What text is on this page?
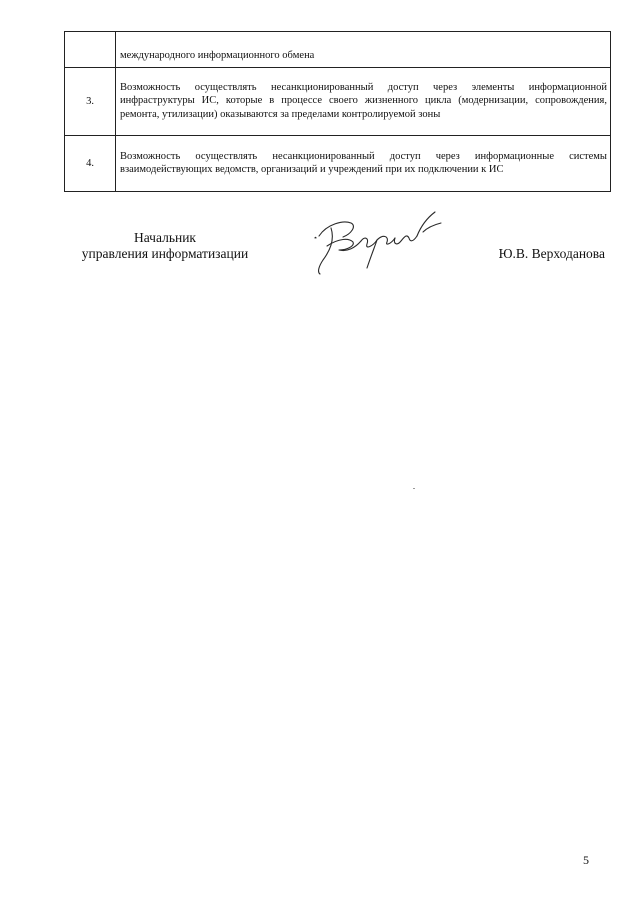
	международного информационного обмена
3.	Возможность осуществлять несанкционированный доступ через элементы информационной инфраструктуры ИС, которые в процессе своего жизненного цикла (модернизации, сопровождения, ремонта, утилизации) оказываются за пределами контролируемой зоны
4.	Возможность осуществлять несанкционированный доступ через информационные системы взаимодействующих ведомств, организаций и учреждений при их подключении к ИС
Начальник
управления информатизации	Ю.В. Верходанова
5
